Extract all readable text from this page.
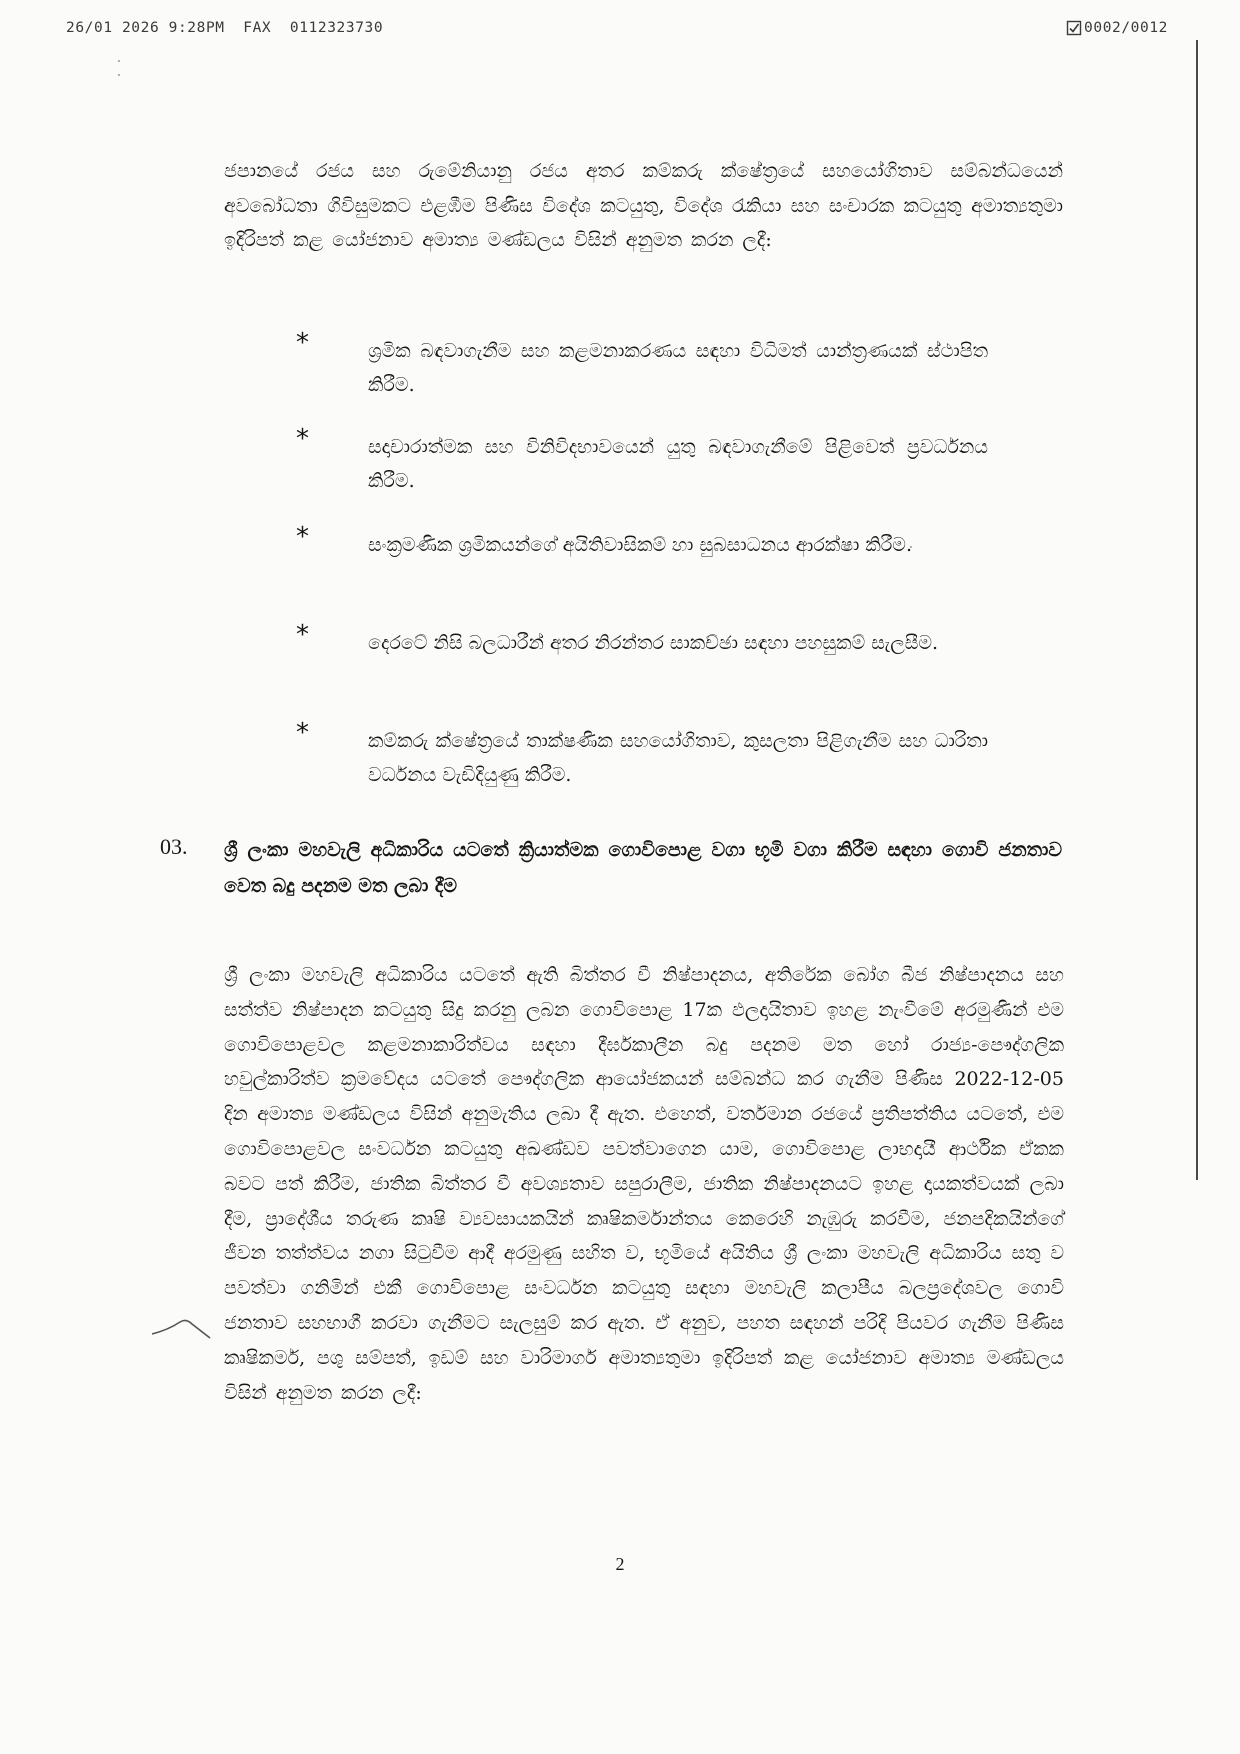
26/01 2026 9:28PM  FAX  0112323730	0002/0012

ජපානයේ රජය සහ රුමේනියානු රජය අතර කම්කරු ක්ෂේත්‍රයේ සහයෝගිතාව සම්බන්ධයෙන් අවබෝධතා ගිවිසුමකට එළඹීම පිණිස විදේශ කටයුතු, විදේශ රැකියා සහ සංචාරක කටයුතු අමාත්‍යතුමා ඉදිරිපත් කළ යෝජනාව අමාත්‍ය මණ්ඩලය විසින් අනුමත කරන ලදී:

*	ශ්‍රමික බඳවාගැනීම සහ කළමනාකරණය සඳහා විධිමත් යාන්ත්‍රණයක් ස්ථාපිත කිරීම.

*	සදාචාරාත්මක සහ විනිවිදභාවයෙන් යුතු බඳවාගැනීමේ පිළිවෙත් ප්‍රවර්ධනය කිරීම.

*	සංක්‍රමණික ශ්‍රමිකයන්ගේ අයිතිවාසිකම් හා සුබසාධනය ආරක්ෂා කිරීම.

*	දෙරටේ නිසි බලධාරීන් අතර නිරන්තර සාකච්ඡා සඳහා පහසුකම් සැලසීම.

*	කම්කරු ක්ෂේත්‍රයේ තාක්ෂණික සහයෝගිතාව, කුසලතා පිළිගැනීම සහ ධාරිතා වර්ධනය වැඩිදියුණු කිරීම.

03. ශ්‍රී ලංකා මහවැලි අධිකාරිය යටතේ ක්‍රියාත්මක ගොවිපොළ වගා භූමි වගා කිරීම සඳහා ගොවි ජනතාව වෙත බදු පදනම මත ලබා දීම

ශ්‍රී ලංකා මහවැලි අධිකාරිය යටතේ ඇති බිත්තර වී නිෂ්පාදනය, අතිරේක බෝග බීජ නිෂ්පාදනය සහ සත්ත්ව නිෂ්පාදන කටයුතු සිදු කරනු ලබන ගොවිපොළ 17ක ඵලදායිතාව ඉහළ නැංවීමේ අරමුණින් එම ගොවිපොළවල කළමනාකාරිත්වය සඳහා දීර්ඝකාලීන බදු පදනම මත හෝ රාජ්‍ය-පෞද්ගලික හවුල්කාරිත්ව ක්‍රමවේදය යටතේ පෞද්ගලික ආයෝජකයන් සම්බන්ධ කර ගැනීම පිණිස 2022-12-05 දින අමාත්‍ය මණ්ඩලය විසින් අනුමැතිය ලබා දී ඇත. එහෙත්, වර්තමාන රජයේ ප්‍රතිපත්තිය යටතේ, එම ගොවිපොළවල සංවර්ධන කටයුතු අඛණ්ඩව පවත්වාගෙන යාම, ගොවිපොළ ලාභදායී ආර්ථික ඒකක බවට පත් කිරීම, ජාතික බිත්තර වී අවශ්‍යතාව සපුරාලීම, ජාතික නිෂ්පාදනයට ඉහළ දායකත්වයක් ලබා දීම, ප්‍රාදේශීය තරුණ කෘෂි ව්‍යවසායකයින් කෘෂිකර්මාන්තය කෙරෙහි නැඹුරු කරවීම, ජනපදිකයින්ගේ ජීවන තත්ත්වය නගා සිටුවීම ආදී අරමුණු සහිත ව, භූමියේ අයිතිය ශ්‍රී ලංකා මහවැලි අධිකාරිය සතු ව පවත්වා ගනිමින් එකී ගොවිපොළ සංවර්ධන කටයුතු සඳහා මහවැලි කලාපීය බලප්‍රදේශවල ගොවි ජනතාව සහභාගී කරවා ගැනීමට සැලසුම් කර ඇත. ඒ අනුව, පහත සඳහන් පරිදි පියවර ගැනීම පිණිස කෘෂිකර්ම, පශු සම්පත්, ඉඩම් සහ වාරිමාර්ග අමාත්‍යතුමා ඉදිරිපත් කළ යෝජනාව අමාත්‍ය මණ්ඩලය විසින් අනුමත කරන ලදී:

2
